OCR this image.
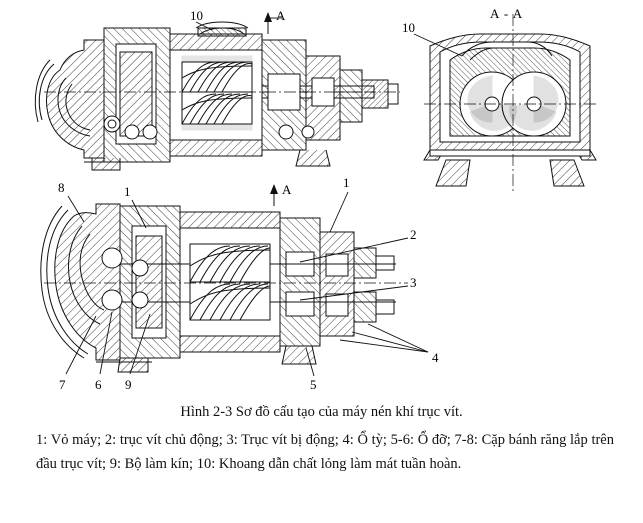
10
10
8	1
1
2
3
4
5
6
7	9
A
A
A - A
Hình 2-3 Sơ đồ cấu tạo của máy nén khí trục vít.
1: Vỏ máy; 2: trục vít chủ động; 3: Trục vít bị động; 4: Ổ tỳ; 5-6: Ổ đỡ; 7-8: Cặp bánh răng lắp trên đầu trục vít; 9: Bộ làm kín; 10: Khoang dẫn chất lỏng làm mát tuần hoàn.
